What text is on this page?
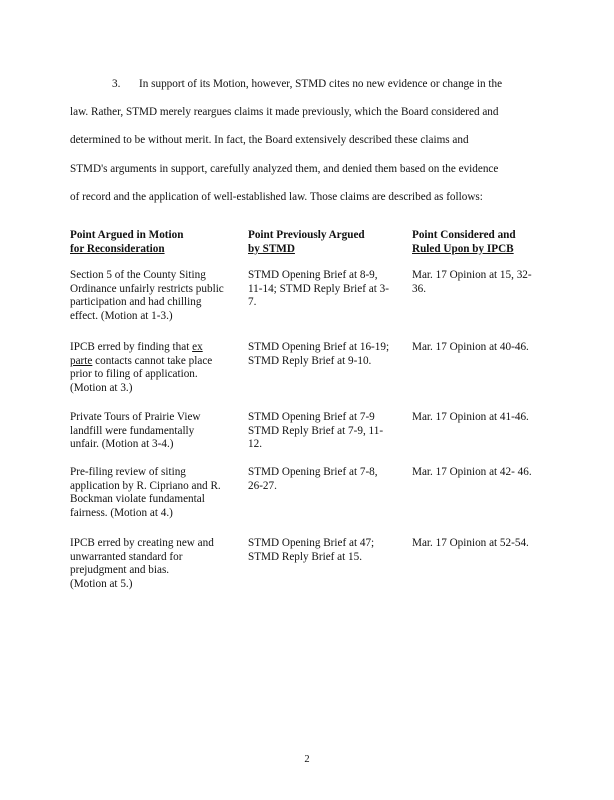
3. In support of its Motion, however, STMD cites no new evidence or change in the
law. Rather, STMD merely reargues claims it made previously, which the Board considered and
determined to be without merit. In fact, the Board extensively described these claims and
STMD's arguments in support, carefully analyzed them, and denied them based on the evidence
of record and the application of well-established law. Those claims are described as follows:
Point Argued in Motion
for Reconsideration
Point Previously Argued
by STMD
Point Considered and
Ruled Upon by IPCB
Section 5 of the County Siting
Ordinance unfairly restricts public
participation and had chilling
effect. (Motion at 1-3.)
STMD Opening Brief at 8-9,
11-14; STMD Reply Brief at 3-
7.
Mar. 17 Opinion at 15, 32-
36.
IPCB erred by finding that ex
parte contacts cannot take place
prior to filing of application.
(Motion at 3.)
STMD Opening Brief at 16-19;
STMD Reply Brief at 9-10.
Mar. 17 Opinion at 40-46.
Private Tours of Prairie View
landfill were fundamentally
unfair. (Motion at 3-4.)
STMD Opening Brief at 7-9
STMD Reply Brief at 7-9, 11-
12.
Mar. 17 Opinion at 41-46.
Pre-filing review of siting
application by R. Cipriano and R.
Bockman violate fundamental
fairness. (Motion at 4.)
STMD Opening Brief at 7-8,
26-27.
Mar. 17 Opinion at 42- 46.
IPCB erred by creating new and
unwarranted standard for
prejudgment and bias.
(Motion at 5.)
STMD Opening Brief at 47;
STMD Reply Brief at 15.
Mar. 17 Opinion at 52-54.
2
